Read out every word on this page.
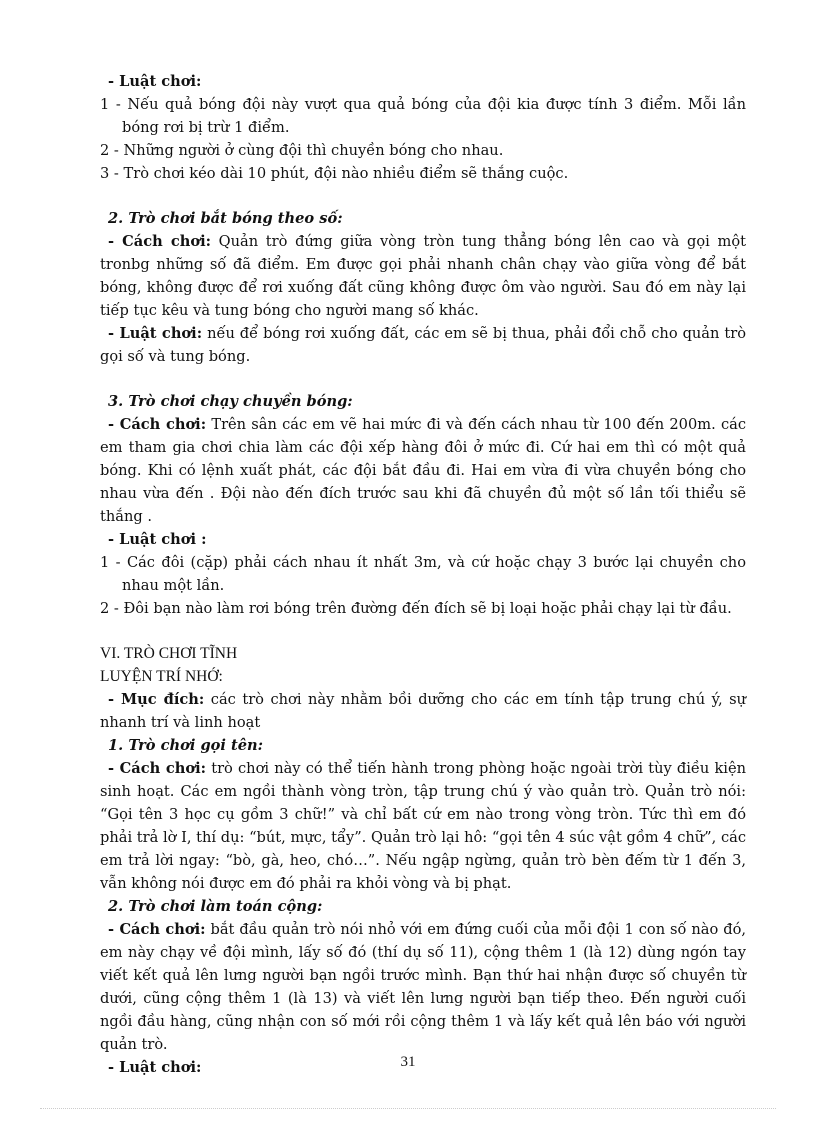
- Luật chơi:

1 - Nếu quả bóng đội này vượt qua quả bóng của đội kia được tính 3 điểm. Mỗi lần bóng rơi bị trừ 1 điểm.

2 - Những người ở cùng đội thì chuyền bóng cho nhau.

3 - Trò chơi kéo dài 10 phút, đội nào nhiều điểm sẽ thắng cuộc.

2. Trò chơi bắt bóng theo số:

- Cách chơi: Quản trò đứng giữa vòng tròn tung thẳng bóng lên cao và gọi một tronbg những số đã điểm. Em được gọi phải nhanh chân chạy vào giữa vòng để bắt bóng, không được để rơi xuống đất cũng không được ôm vào người. Sau đó em này lại tiếp tục kêu và tung bóng cho người mang số khác.

- Luật chơi: nếu để bóng rơi xuống đất, các em sẽ bị thua, phải đổi chỗ cho quản trò gọi số và tung bóng.

3. Trò chơi chạy chuyền bóng:

- Cách chơi: Trên sân các em vẽ hai mức đi và đến cách nhau từ 100 đến 200m. các em tham gia chơi chia làm các đội xếp hàng đôi ở mức đi. Cứ hai em thì có một quả bóng. Khi có lệnh xuất phát, các đội bắt đầu đi. Hai em vừa đi vừa chuyền bóng cho nhau vừa đến . Đội nào đến đích trước sau khi đã chuyền đủ một số lần tối thiểu sẽ thắng .

- Luật chơi :

1 - Các đôi (cặp) phải cách nhau ít nhất 3m, và cứ hoặc chạy 3 bước lại chuyền cho nhau một lần.

2 - Đôi bạn nào làm rơi bóng trên đường đến đích sẽ bị loại hoặc phải chạy lại từ đầu.

VI. TRÒ CHƠI TĨNH

LUYỆN TRÍ NHỚ:

- Mục đích: các trò chơi này nhằm bồi dưỡng cho các em tính tập trung chú ý, sự nhanh trí và linh hoạt

1. Trò chơi gọi tên:

- Cách chơi: trò chơi này có thể tiến hành trong phòng hoặc ngoài trời tùy điều kiện sinh hoạt. Các em ngồi thành vòng tròn, tập trung chú ý vào quản trò. Quản trò nói: “Gọi tên 3 học cụ gồm 3 chữ!” và chỉ bất cứ em nào trong vòng tròn. Tức thì em đó phải trả lờ I, thí dụ: “bút, mực, tẩy”. Quản trò lại hô: “gọi tên 4 súc vật gồm 4 chữ”, các em trả lời ngay: “bò, gà, heo, chó…”. Nếu ngập ngừng, quản trò bèn đếm từ 1 đến 3, vẫn không nói được em đó phải ra khỏi vòng và bị phạt.

2. Trò chơi làm toán cộng:

- Cách chơi: bắt đầu quản trò nói nhỏ với em đứng cuối của mỗi đội 1 con số nào đó, em này chạy về đội mình, lấy số đó (thí dụ số 11), cộng thêm 1 (là 12) dùng ngón tay viết kết quả lên lưng người bạn ngồi trước mình. Bạn thứ hai nhận được số chuyền từ dưới, cũng cộng thêm 1 (là 13) và viết lên lưng người bạn tiếp theo. Đến người cuối ngồi đầu hàng, cũng nhận con số mới rồi cộng thêm 1 và lấy kết quả lên báo với người quản trò.

- Luật chơi:	31
